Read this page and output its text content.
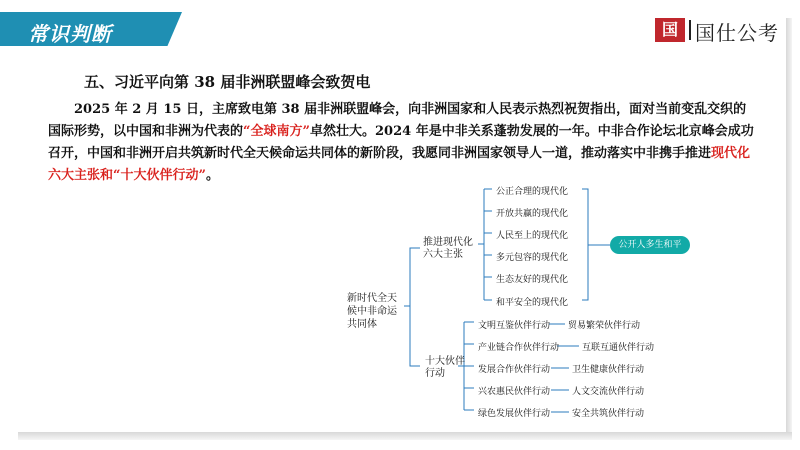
常识判断	国 国仕公考
五、习近平向第 38 届非洲联盟峰会致贺电
2025 年 2 月 15 日，主席致电第 38 届非洲联盟峰会，向非洲国家和人民表示热烈祝贺指出，面对当前变乱交织的国际形势，以中国和非洲为代表的“全球南方”卓然壮大。2024 年是中非关系蓬勃发展的一年。中非合作论坛北京峰会成功召开，中国和非洲开启共筑新时代全天候命运共同体的新阶段，我愿同非洲国家领导人一道，推动落实中非携手推进现代化六大主张和“十大伙伴行动”。
新时代全天候中非命运共同体
推进现代化六大主张
十大伙伴行动
公正合理的现代化
开放共赢的现代化
人民至上的现代化
多元包容的现代化
生态友好的现代化
和平安全的现代化
公开人多生和平
文明互鉴伙伴行动
产业链合作伙伴行动
发展合作伙伴行动
兴农惠民伙伴行动
绿色发展伙伴行动
贸易繁荣伙伴行动
互联互通伙伴行动
卫生健康伙伴行动
人文交流伙伴行动
安全共筑伙伴行动
